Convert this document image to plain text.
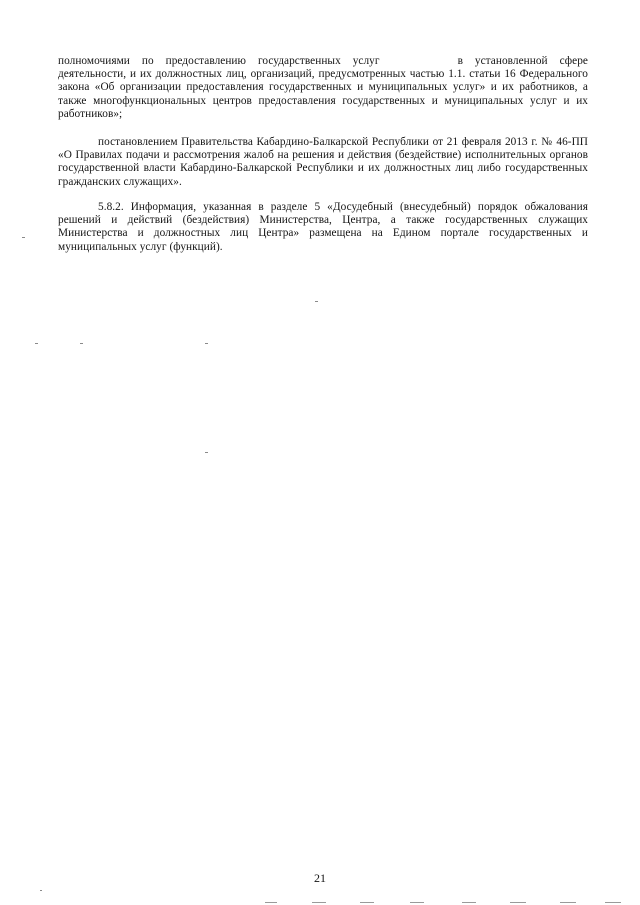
полномочиями по предоставлению государственных услуг	в установленной сфере деятельности, и их должностных лиц, организаций, предусмотренных частью 1.1. статьи 16 Федерального закона «Об организации предоставления государственных и муниципальных услуг» и их работников, а также многофункциональных центров предоставления государственных и муниципальных услуг и их работников»;

постановлением Правительства Кабардино-Балкарской Республики от 21 февраля 2013 г. № 46-ПП «О Правилах подачи и рассмотрения жалоб на решения и действия (бездействие) исполнительных органов государственной власти Кабардино-Балкарской Республики и их должностных лиц либо государственных гражданских служащих».

5.8.2. Информация, указанная в разделе 5 «Досудебный (внесудебный) порядок обжалования решений и действий (бездействия) Министерства, Центра, а также государственных служащих Министерства и должностных лиц Центра» размещена на Едином портале государственных и муниципальных услуг (функций).

21
